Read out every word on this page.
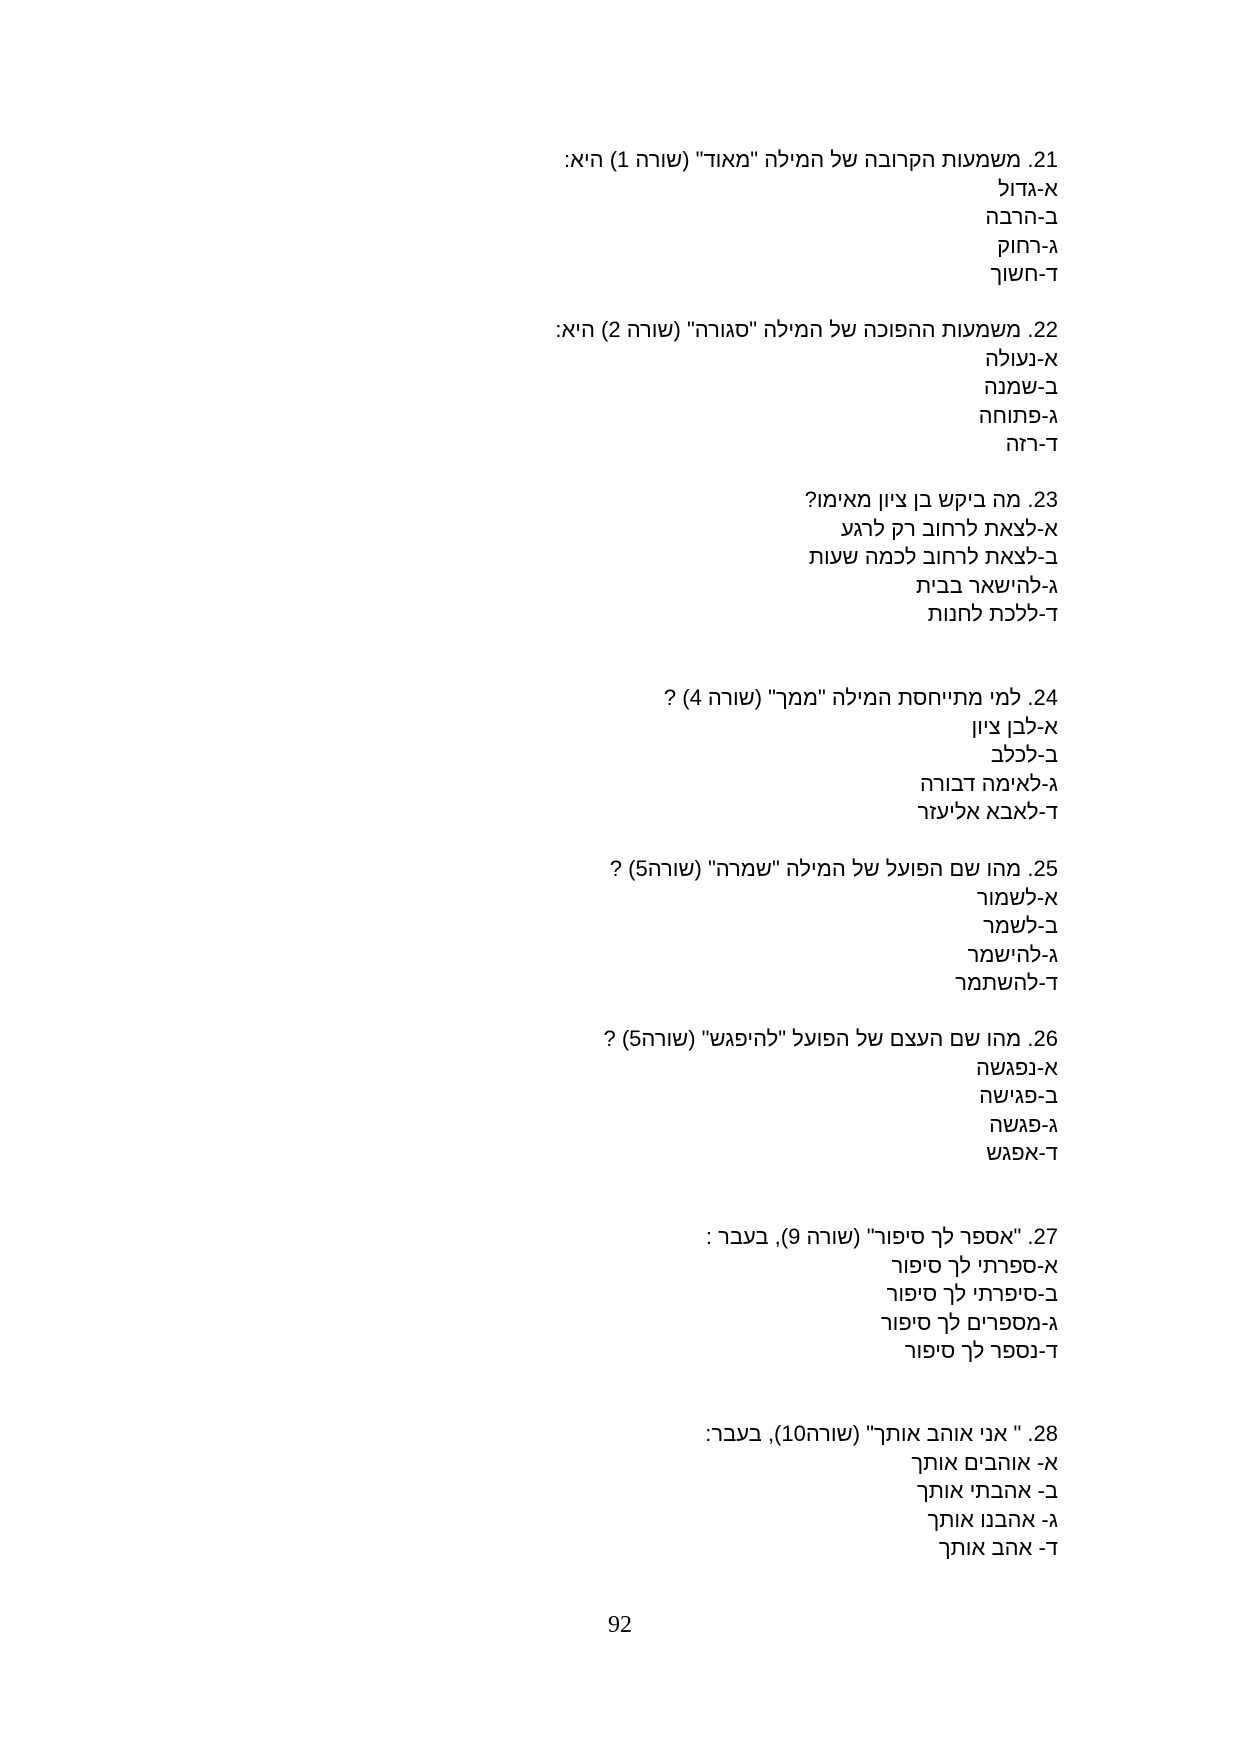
21. משמעות הקרובה של המילה "מאוד" (שורה 1) היא:
א-גדול
ב-הרבה
ג-רחוק
ד-חשוך
22. משמעות ההפוכה של המילה "סגורה" (שורה 2) היא:
א-נעולה
ב-שמנה
ג-פתוחה
ד-רזה
23. מה ביקש בן ציון מאימו?
א-לצאת לרחוב רק לרגע
ב-לצאת לרחוב לכמה שעות
ג-להישאר בבית
ד-ללכת לחנות
24. למי מתייחסת המילה "ממך" (שורה 4) ?
א-לבן ציון
ב-לכלב
ג-לאימה דבורה
ד-לאבא אליעזר
25. מהו שם הפועל של המילה "שמרה" (שורה5) ?
א-לשמור
ב-לשמר
ג-להישמר
ד-להשתמר
26. מהו שם העצם של הפועל "להיפגש" (שורה5) ?
א-נפגשה
ב-פגישה
ג-פגשה
ד-אפגש
27. "אספר לך סיפור" (שורה 9), בעבר :
א-ספרתי לך סיפור
ב-סיפרתי לך סיפור
ג-מספרים לך סיפור
ד-נספר לך סיפור
28. " אני אוהב אותך" (שורה10), בעבר:
א- אוהבים אותך
ב- אהבתי אותך
ג- אהבנו אותך
ד- אהב אותך
92
